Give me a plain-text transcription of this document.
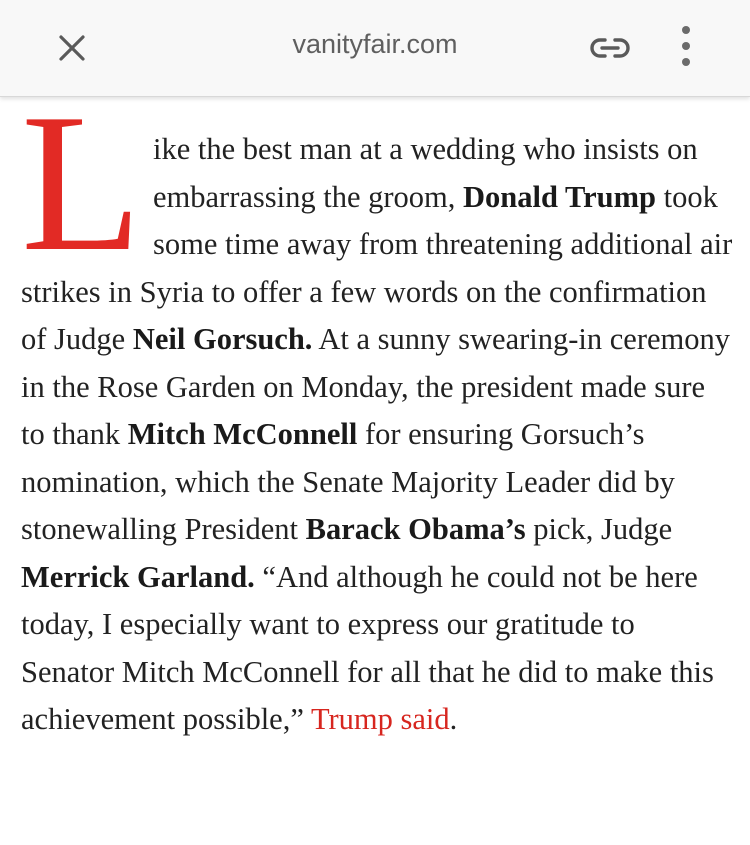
vanityfair.com

L ike the best man at a wedding who insists on embarrassing the groom, Donald Trump took some time away from threatening additional air strikes in Syria to offer a few words on the confirmation of Judge Neil Gorsuch. At a sunny swearing-in ceremony in the Rose Garden on Monday, the president made sure to thank Mitch McConnell for ensuring Gorsuch’s nomination, which the Senate Majority Leader did by stonewalling President Barack Obama’s pick, Judge Merrick Garland. “And although he could not be here today, I especially want to express our gratitude to Senator Mitch McConnell for all that he did to make this achievement possible,” Trump said.
